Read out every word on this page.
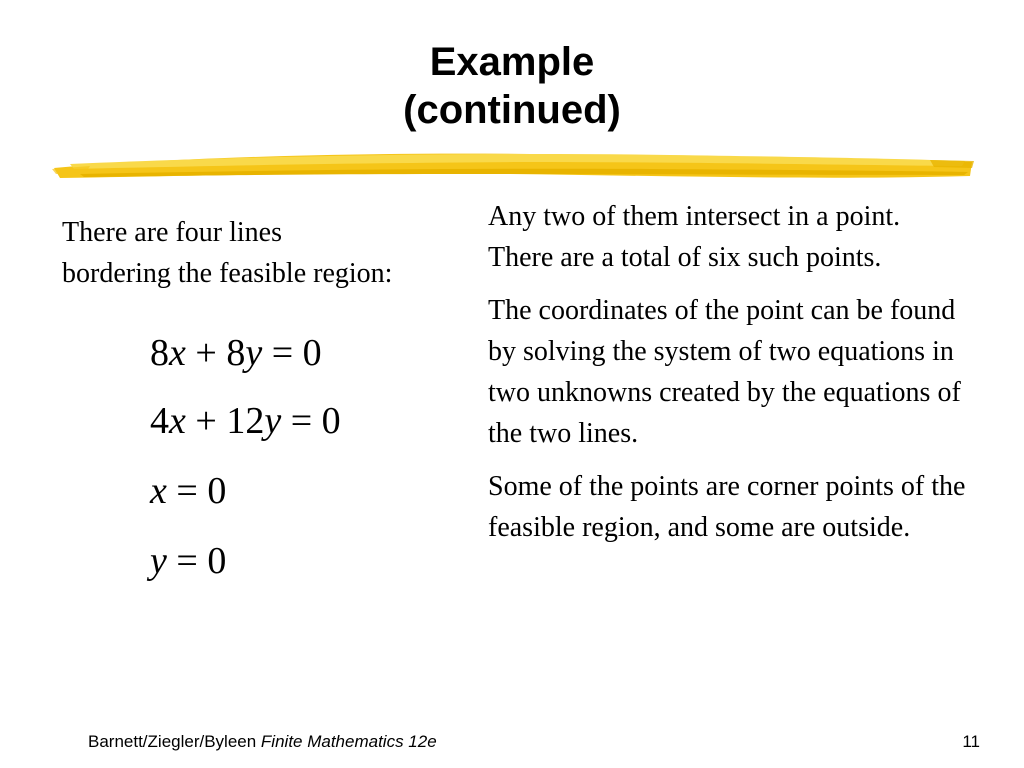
Example
(continued)
There are four lines
bordering the feasible region:
8x + 8y = 0
4x + 12y = 0
x = 0
y = 0

Any two of them intersect in a point. There are a total of six such points.

The coordinates of the point can be found by solving the system of two equations in two unknowns created by the equations of the two lines.

Some of the points are corner points of the feasible region, and some are outside.

Barnett/Ziegler/Byleen Finite Mathematics 12e	11
